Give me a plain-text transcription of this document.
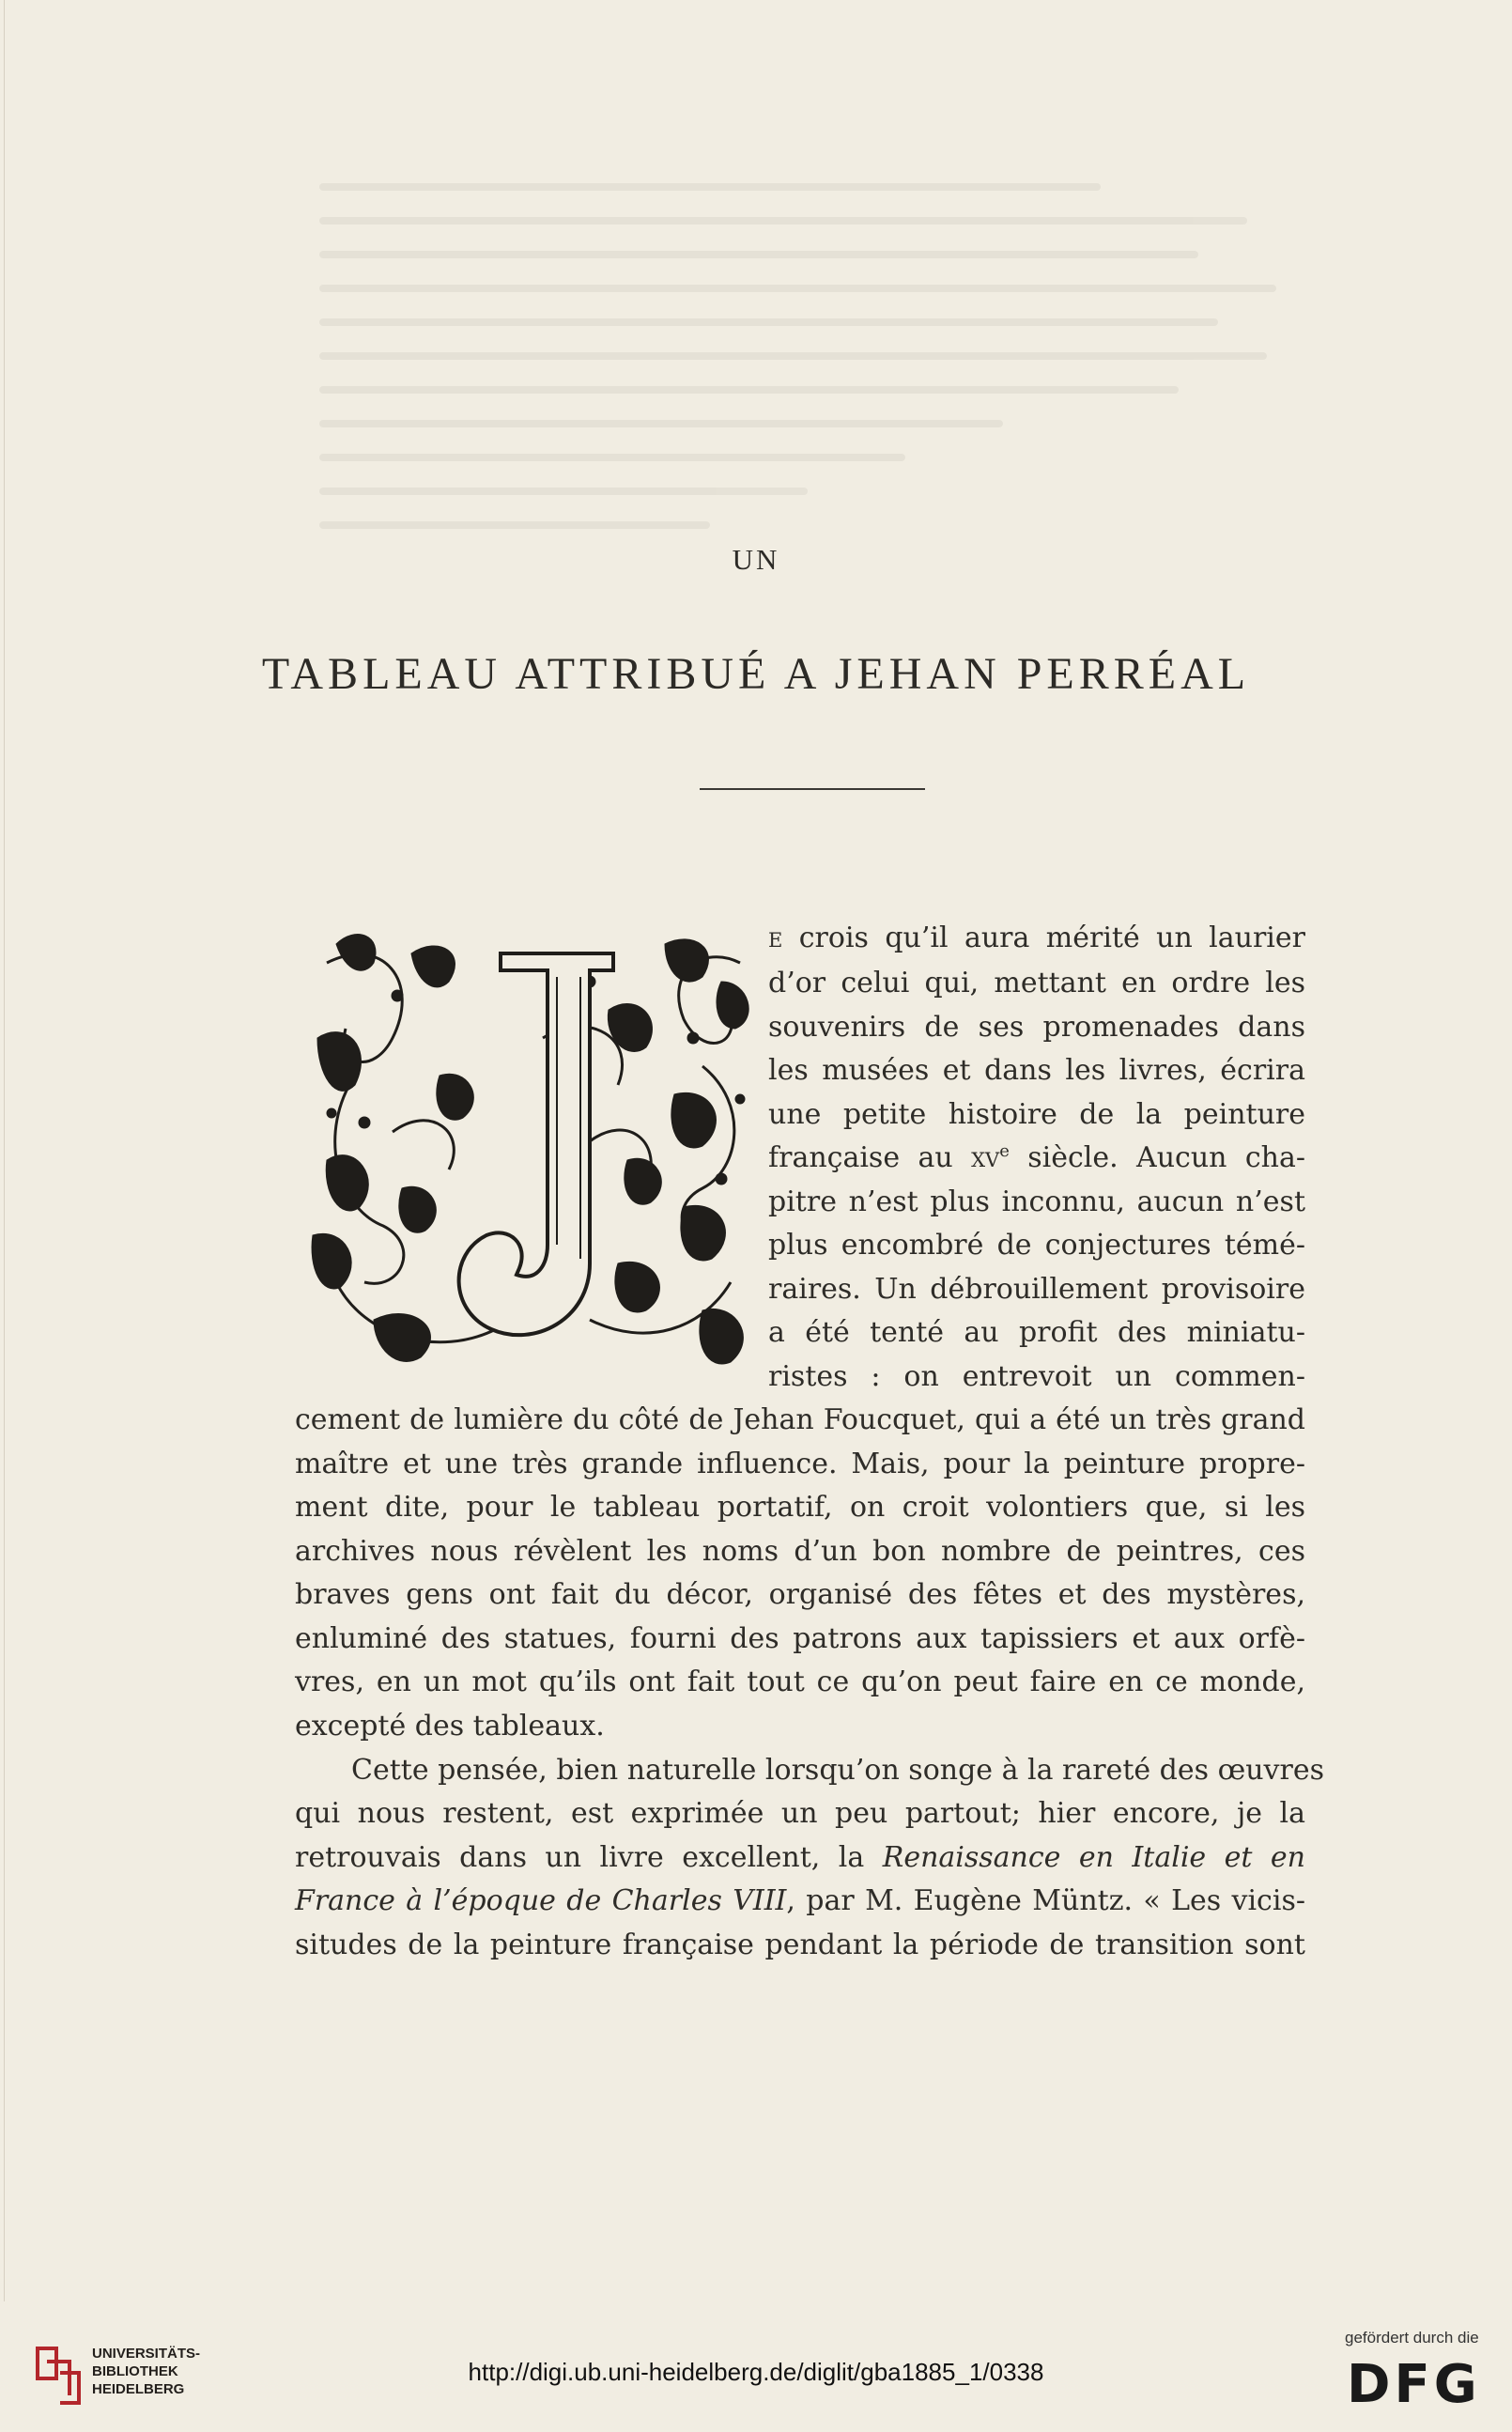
UN
TABLEAU ATTRIBUÉ A JEHAN PERRÉAL
e crois qu’il aura mérité un laurier
d’or celui qui, mettant en ordre les
souvenirs de ses promenades dans
les musées et dans les livres, écrira
une petite histoire de la peinture
française au $xv^e$ siècle. Aucun cha-
pitre n’est plus inconnu, aucun n’est
plus encombré de conjectures témé-
raires. Un débrouillement provisoire
a été tenté au profit des miniatu-
ristes : on entrevoit un commen-
cement de lumière du côté de Jehan Foucquet, qui a été un très grand
maître et une très grande influence. Mais, pour la peinture propre-
ment dite, pour le tableau portatif, on croit volontiers que, si les
archives nous révèlent les noms d’un bon nombre de peintres, ces
braves gens ont fait du décor, organisé des fêtes et des mystères,
enluminé des statues, fourni des patrons aux tapissiers et aux orfè-
vres, en un mot qu’ils ont fait tout ce qu’on peut faire en ce monde,
excepté des tableaux.
Cette pensée, bien naturelle lorsqu’on songe à la rareté des œuvres
qui nous restent, est exprimée un peu partout; hier encore, je la
retrouvais dans un livre excellent, la Renaissance en Italie et en
France à l’époque de Charles VIII, par M. Eugène Müntz. « Les vicis-
situdes de la peinture française pendant la période de transition sont
UNIVERSITÄTS-
BIBLIOTHEK
HEIDELBERG
http://digi.ub.uni-heidelberg.de/diglit/gba1885_1/0338
gefördert durch die
DFG
